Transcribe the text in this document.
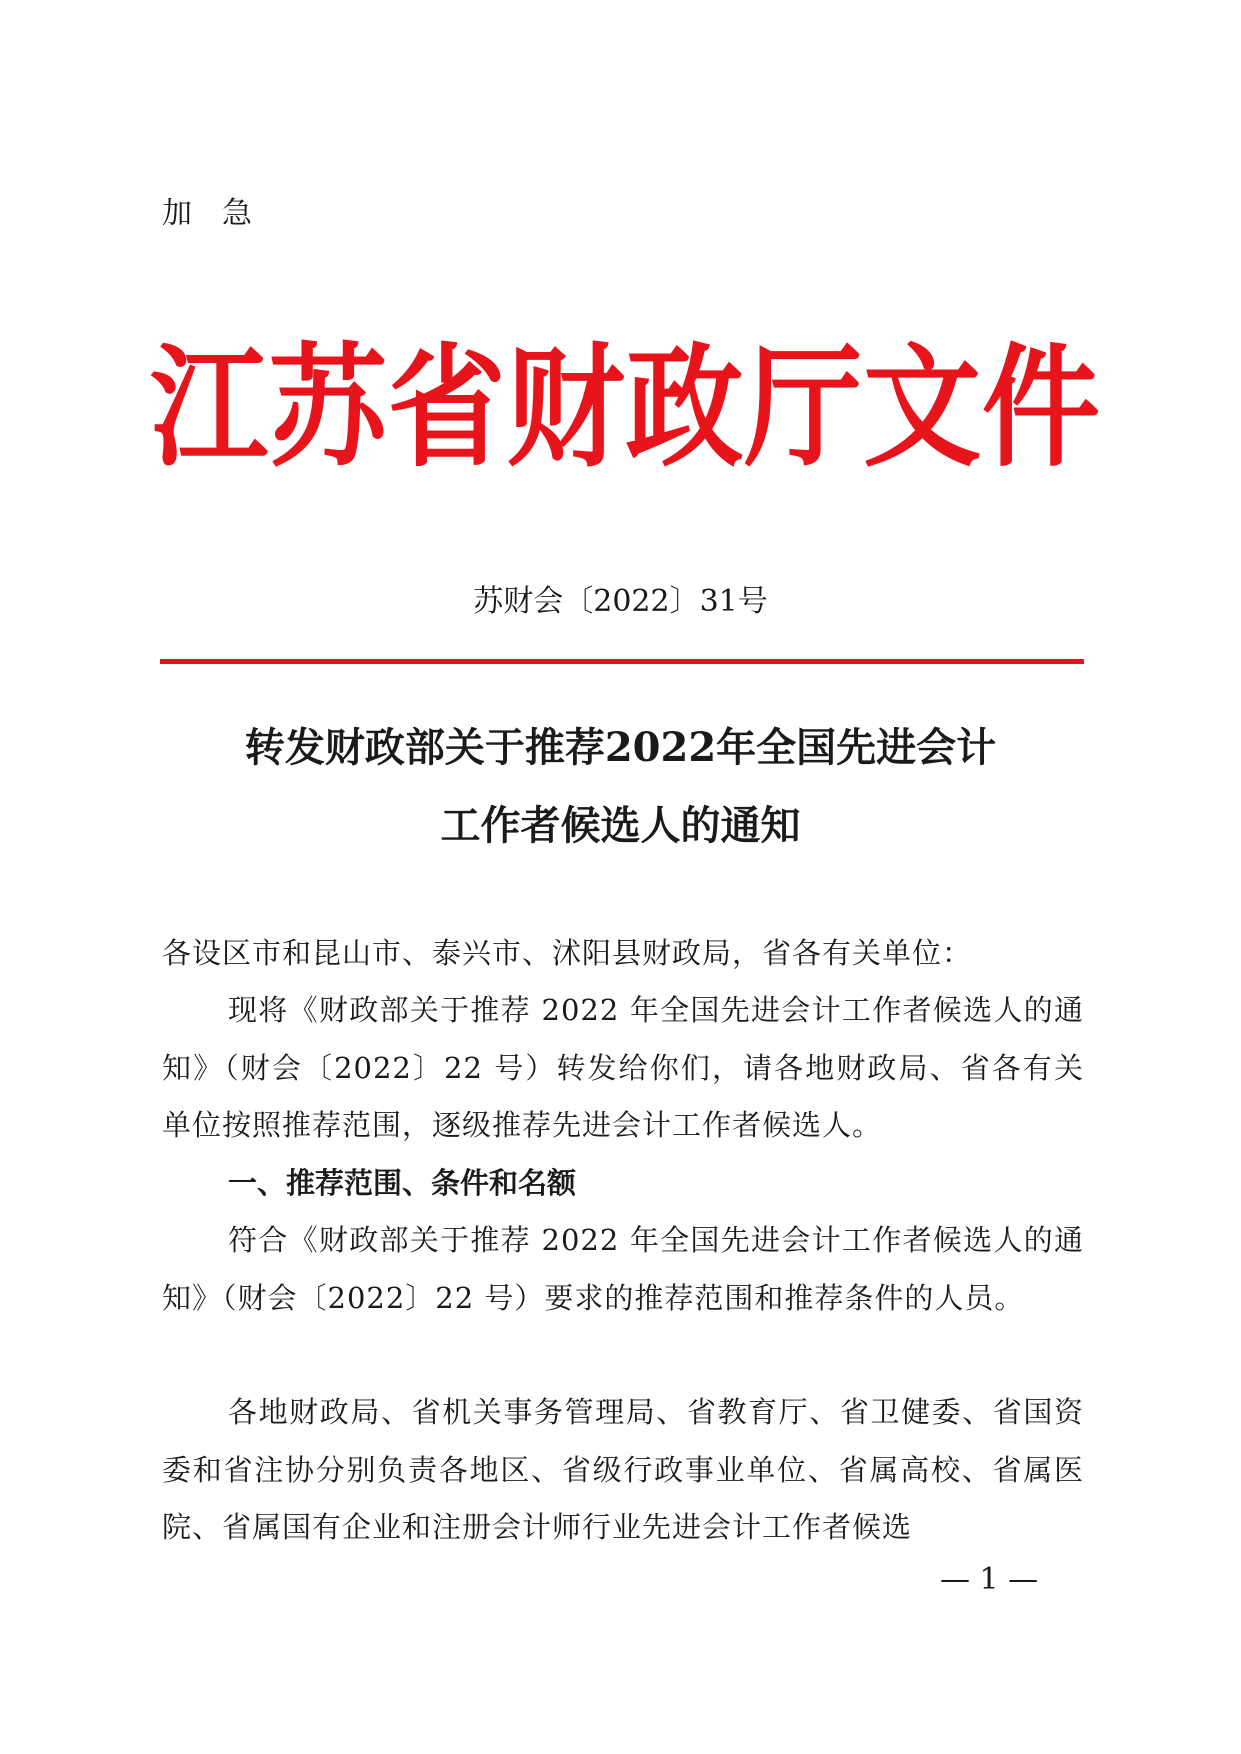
加急
江苏省财政厅文件
苏财会〔2022〕31号
转发财政部关于推荐2022年全国先进会计
工作者候选人的通知
各设区市和昆山市、泰兴市、沭阳县财政局，省各有关单位：
现将《财政部关于推荐 2022 年全国先进会计工作者候选人的通知》（财会〔2022〕22 号）转发给你们，请各地财政局、省各有关单位按照推荐范围，逐级推荐先进会计工作者候选人。
一、推荐范围、条件和名额
符合《财政部关于推荐 2022 年全国先进会计工作者候选人的通知》（财会〔2022〕22 号）要求的推荐范围和推荐条件的人员。
各地财政局、省机关事务管理局、省教育厅、省卫健委、省国资委和省注协分别负责各地区、省级行政事业单位、省属高校、省属医院、省属国有企业和注册会计师行业先进会计工作者候选
— 1 —
